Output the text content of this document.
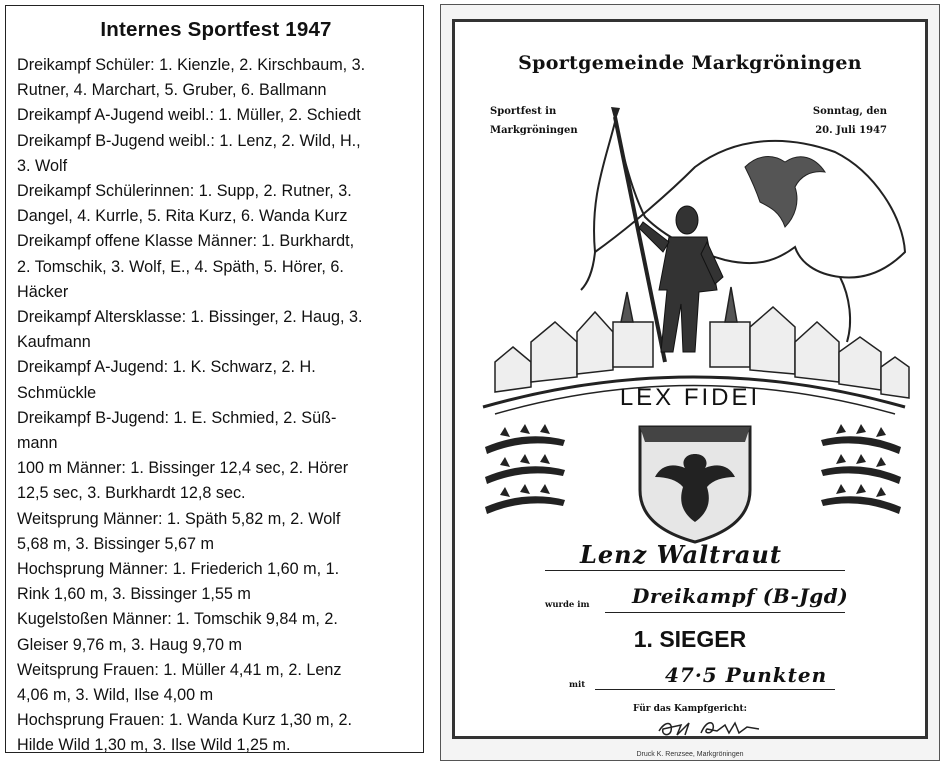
Internes Sportfest 1947

Dreikampf Schüler: 1. Kienzle, 2. Kirschbaum, 3.

Rutner, 4. Marchart, 5. Gruber, 6. Ballmann

Dreikampf A-Jugend weibl.: 1. Müller, 2. Schiedt

Dreikampf B-Jugend weibl.: 1. Lenz, 2. Wild, H.,

3. Wolf

Dreikampf Schülerinnen: 1. Supp, 2. Rutner, 3.

Dangel, 4. Kurrle, 5. Rita Kurz, 6. Wanda Kurz

Dreikampf offene Klasse Männer: 1. Burkhardt,

2. Tomschik, 3. Wolf, E., 4. Späth, 5. Hörer, 6.

Häcker

Dreikampf Altersklasse: 1. Bissinger, 2. Haug, 3.

Kaufmann

Dreikampf A-Jugend: 1. K. Schwarz, 2. H.

Schmückle

Dreikampf B-Jugend: 1. E. Schmied, 2. Süß-

mann

100 m Männer: 1. Bissinger 12,4 sec, 2. Hörer

12,5 sec, 3. Burkhardt 12,8 sec.

Weitsprung Männer: 1. Späth 5,82 m, 2. Wolf

5,68 m, 3. Bissinger 5,67 m

Hochsprung Männer: 1. Friederich 1,60 m, 1.

Rink 1,60 m, 3. Bissinger 1,55 m

Kugelstoßen Männer: 1. Tomschik 9,84 m, 2.

Gleiser 9,76 m, 3. Haug 9,70 m

Weitsprung Frauen: 1. Müller 4,41 m, 2. Lenz

4,06 m, 3. Wild, Ilse 4,00 m

Hochsprung Frauen: 1. Wanda Kurz 1,30 m, 2.

Hilde Wild 1,30 m, 3. Ilse Wild 1,25 m.

Sportgemeinde Markgröningen
Sportfest in
Markgröningen
Sonntag, den
20. Juli 1947
LEX FIDEI
Lenz Waltraut
wurde im Dreikampf (B-Jgd)
1. SIEGER
mit	47·5 Punkten
Für das Kampfgericht:
Druck K. Renzsee, Markgröningen
